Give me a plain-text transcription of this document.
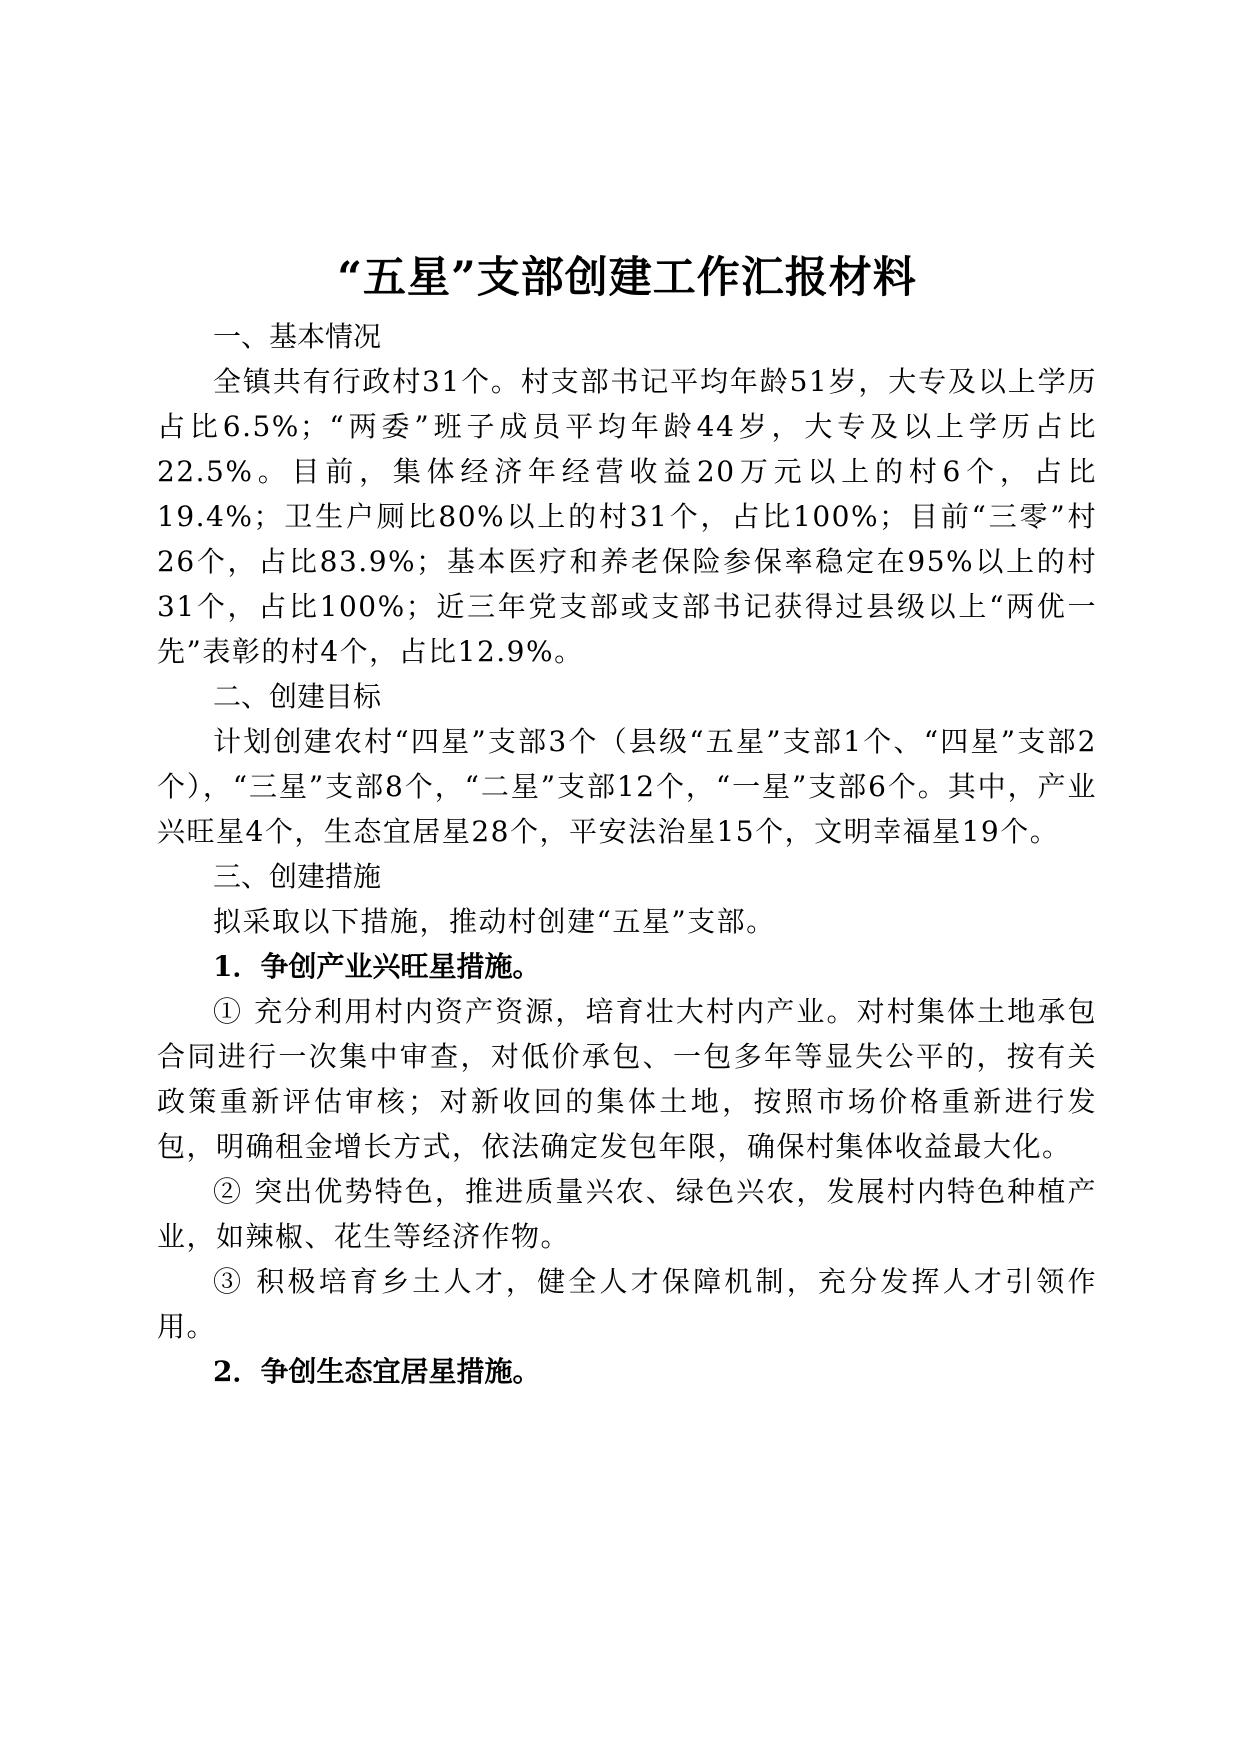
“五星”支部创建工作汇报材料
一、基本情况

全镇共有行政村31个。村支部书记平均年龄51岁，大专及以上学历占比6.5%；“两委”班子成员平均年龄44岁，大专及以上学历占比22.5%。目前，集体经济年经营收益20万元以上的村6个，占比19.4%；卫生户厕比80%以上的村31个，占比100%；目前“三零”村26个，占比83.9%；基本医疗和养老保险参保率稳定在95%以上的村31个，占比100%；近三年党支部或支部书记获得过县级以上“两优一先”表彰的村4个，占比12.9%。

二、创建目标

计划创建农村“四星”支部3个（县级“五星”支部1个、“四星”支部2个），“三星”支部8个，“二星”支部12个，“一星”支部6个。其中，产业兴旺星4个，生态宜居星28个，平安法治星15个，文明幸福星19个。

三、创建措施

拟采取以下措施，推动村创建“五星”支部。

1．争创产业兴旺星措施。

① 充分利用村内资产资源，培育壮大村内产业。对村集体土地承包合同进行一次集中审查，对低价承包、一包多年等显失公平的，按有关政策重新评估审核；对新收回的集体土地，按照市场价格重新进行发包，明确租金增长方式，依法确定发包年限，确保村集体收益最大化。

② 突出优势特色，推进质量兴农、绿色兴农，发展村内特色种植产业，如辣椒、花生等经济作物。

③ 积极培育乡土人才，健全人才保障机制，充分发挥人才引领作用。

2．争创生态宜居星措施。
